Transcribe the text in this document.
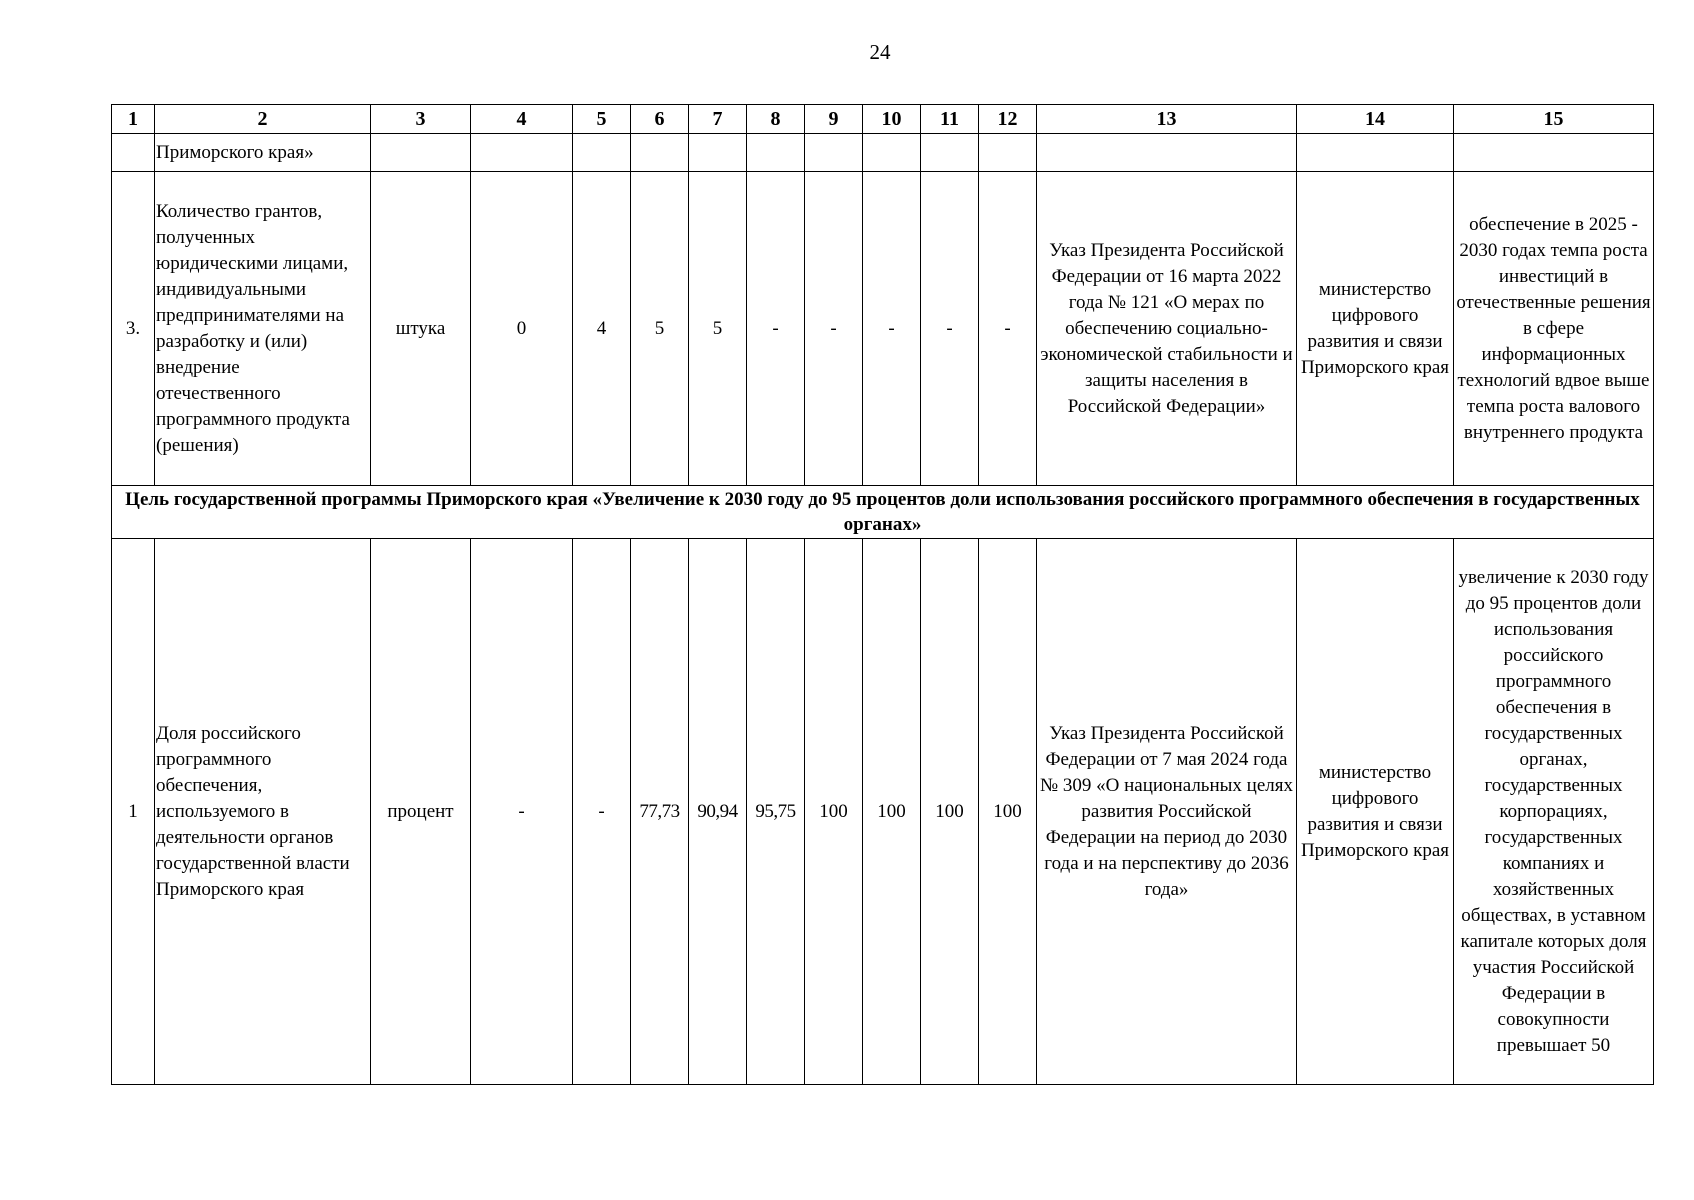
24
1	2	3	4	5	6	7	8	9	10	11	12	13	14	15
	Приморского края»													
3.	Количество грантов, полученных юридическими лицами, индивидуальными предпринимателями на разработку и (или) внедрение отечественного программного продукта (решения)	штука	0	4	5	5	-	-	-	-	-	Указ Президента Российской Федерации от 16 марта 2022 года № 121 «О мерах по обеспечению социально-экономической стабильности и защиты населения в Российской Федерации»	министерство цифрового развития и связи Приморского края	обеспечение в 2025 - 2030 годах темпа роста инвестиций в отечественные решения в сфере информационных технологий вдвое выше темпа роста валового внутреннего продукта
Цель государственной программы Приморского края «Увеличение к 2030 году до 95 процентов доли использования российского программного обеспечения в государственных органах»														
1	Доля российского программного обеспечения, используемого в деятельности органов государственной власти Приморского края	процент	-	-	77,73	90,94	95,75	100	100	100	100	Указ Президента Российской Федерации от 7 мая 2024 года № 309 «О национальных целях развития Российской Федерации на период до 2030 года и на перспективу до 2036 года»	министерство цифрового развития и связи Приморского края	увеличение к 2030 году до 95 процентов доли использования российского программного обеспечения в государственных органах, государственных корпорациях, государственных компаниях и хозяйственных обществах, в уставном капитале которых доля участия Российской Федерации в совокупности превышает 50
